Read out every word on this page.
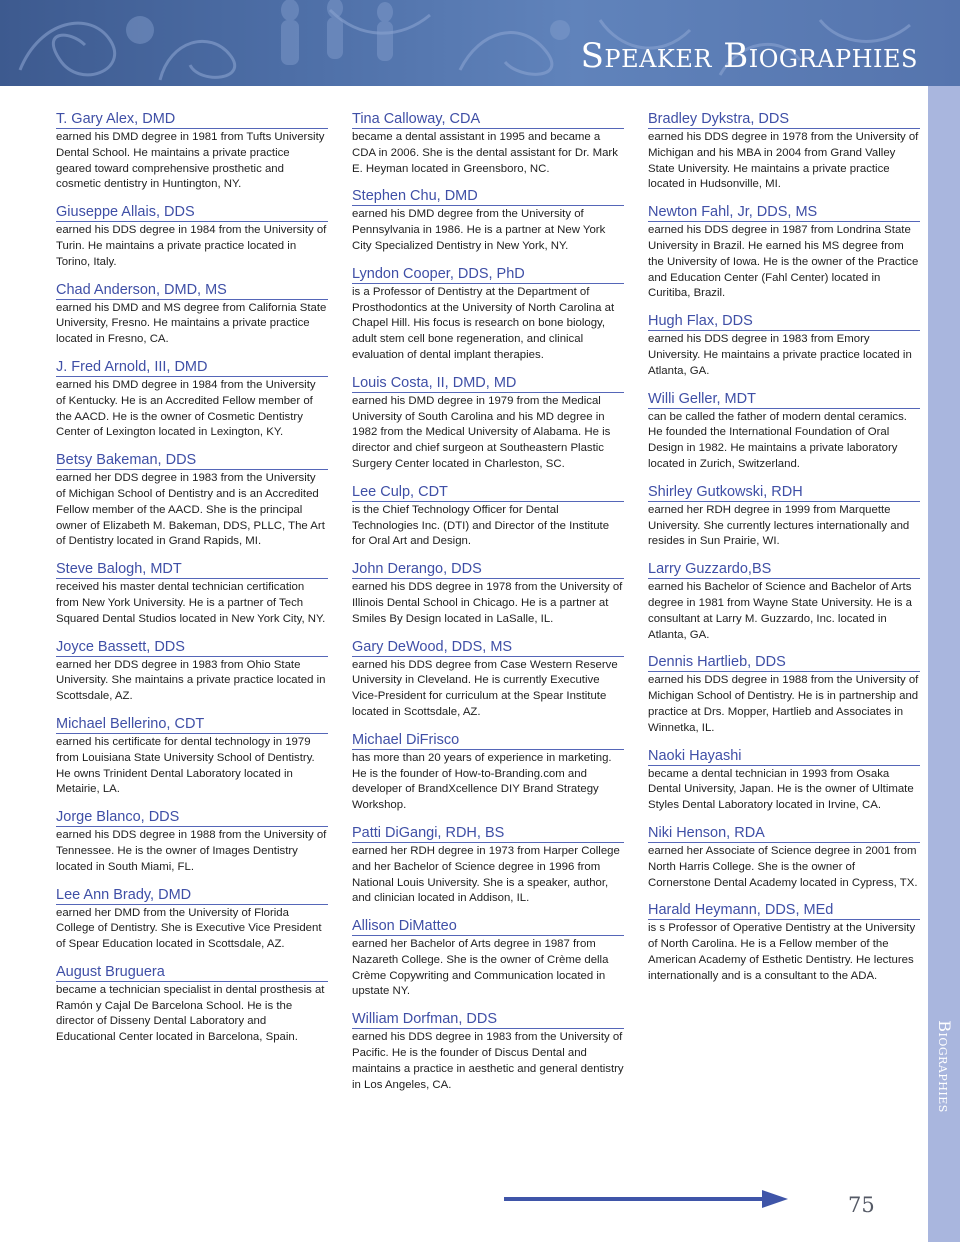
Speaker Biographies
Biographies
T. Gary Alex, DMD
earned his DMD degree in 1981 from Tufts University Dental School. He maintains a private practice geared toward comprehensive prosthetic and cosmetic dentistry in Huntington, NY.
Giuseppe Allais, DDS
earned his DDS degree in 1984 from the University of Turin. He maintains a private practice located in Torino, Italy.
Chad Anderson, DMD, MS
earned his DMD and MS degree from California State University, Fresno. He maintains a private practice located in Fresno, CA.
J. Fred Arnold, III, DMD
earned his DMD degree in 1984 from the University of Kentucky. He is an Accredited Fellow member of the AACD. He is the owner of Cosmetic Dentistry Center of Lexington located in Lexington, KY.
Betsy Bakeman, DDS
earned her DDS degree in 1983 from the University of Michigan School of Dentistry and is an Accredited Fellow member of the AACD. She is the principal owner of Elizabeth M. Bakeman, DDS, PLLC, The Art of Dentistry located in Grand Rapids, MI.
Steve Balogh, MDT
received his master dental technician certification from New York University. He is a partner of Tech Squared Dental Studios located in New York City, NY.
Joyce Bassett, DDS
earned her DDS degree in 1983 from Ohio State University. She maintains a private practice located in Scottsdale, AZ.
Michael Bellerino, CDT
earned his certificate for dental technology in 1979 from Louisiana State University School of Dentistry. He owns Trinident Dental Laboratory located in Metairie, LA.
Jorge Blanco, DDS
earned his DDS degree in 1988 from the University of Tennessee. He is the owner of Images Dentistry located in South Miami, FL.
Lee Ann Brady, DMD
earned her DMD from the University of Florida College of Dentistry. She is Executive Vice President of Spear Education located in Scottsdale, AZ.
August Bruguera
became a technician specialist in dental prosthesis at Ramón y Cajal De Barcelona School. He is the director of Disseny Dental Laboratory and Educational Center located in Barcelona, Spain.
Tina Calloway, CDA
became a dental assistant in 1995 and became a CDA in 2006. She is the dental assistant for Dr. Mark E. Heyman located in Greensboro, NC.
Stephen Chu, DMD
earned his DMD degree from the University of Pennsylvania in 1986. He is a partner at New York City Specialized Dentistry in New York, NY.
Lyndon Cooper, DDS, PhD
is a Professor of Dentistry at the Department of Prosthodontics at the University of North Carolina at Chapel Hill. His focus is research on bone biology, adult stem cell bone regeneration, and clinical evaluation of dental implant therapies.
Louis Costa, II, DMD, MD
earned his DMD degree in 1979 from the Medical University of South Carolina and his MD degree in 1982 from the Medical University of Alabama. He is director and chief surgeon at Southeastern Plastic Surgery Center located in Charleston, SC.
Lee Culp, CDT
is the Chief Technology Officer for Dental Technologies Inc. (DTI) and Director of the Institute for Oral Art and Design.
John Derango, DDS
earned his DDS degree in 1978 from the University of Illinois Dental School in Chicago. He is a partner at Smiles By Design located in LaSalle, IL.
Gary DeWood, DDS, MS
earned his DDS degree from Case Western Reserve University in Cleveland. He is currently Executive Vice-President for curriculum at the Spear Institute located in Scottsdale, AZ.
Michael DiFrisco
has more than 20 years of experience in marketing. He is the founder of How-to-Branding.com and developer of BrandXcellence DIY Brand Strategy Workshop.
Patti DiGangi, RDH, BS
earned her RDH degree in 1973 from Harper College and her Bachelor of Science degree in 1996 from National Louis University. She is a speaker, author, and clinician located in Addison, IL.
Allison DiMatteo
earned her Bachelor of Arts degree in 1987 from Nazareth College. She is the owner of Crème della Crème Copywriting and Communication located in upstate NY.
William Dorfman, DDS
earned his DDS degree in 1983 from the University of Pacific. He is the founder of Discus Dental and maintains a practice in aesthetic and general dentistry in Los Angeles, CA.
Bradley Dykstra, DDS
earned his DDS degree in 1978 from the University of Michigan and his MBA in 2004 from Grand Valley State University. He maintains a private practice located in Hudsonville, MI.
Newton Fahl, Jr, DDS, MS
earned his DDS degree in 1987 from Londrina State University in Brazil. He earned his MS degree from the University of Iowa. He is the owner of the Practice and Education Center (Fahl Center) located in Curitiba, Brazil.
Hugh Flax, DDS
earned his DDS degree in 1983 from Emory University. He maintains a private practice located in Atlanta, GA.
Willi Geller, MDT
can be called the father of modern dental ceramics. He founded the International Foundation of Oral Design in 1982. He maintains a private laboratory located in Zurich, Switzerland.
Shirley Gutkowski, RDH
earned her RDH degree in 1999 from Marquette University. She currently lectures internationally and resides in Sun Prairie, WI.
Larry Guzzardo,BS
earned his Bachelor of Science and Bachelor of Arts degree in 1981 from Wayne State University. He is a consultant at Larry M. Guzzardo, Inc. located in Atlanta, GA.
Dennis Hartlieb, DDS
earned his DDS degree in 1988 from the University of Michigan School of Dentistry. He is in partnership and practice at Drs. Mopper, Hartlieb and Associates in Winnetka, IL.
Naoki Hayashi
became a dental technician in 1993 from Osaka Dental University, Japan. He is the owner of Ultimate Styles Dental Laboratory located in Irvine, CA.
Niki Henson, RDA
earned her Associate of Science degree in 2001 from North Harris College. She is the owner of Cornerstone Dental Academy located in Cypress, TX.
Harald Heymann, DDS, MEd
is s Professor of Operative Dentistry at the University of North Carolina. He is a Fellow member of the American Academy of Esthetic Dentistry. He lectures internationally and is a consultant to the ADA.
75
